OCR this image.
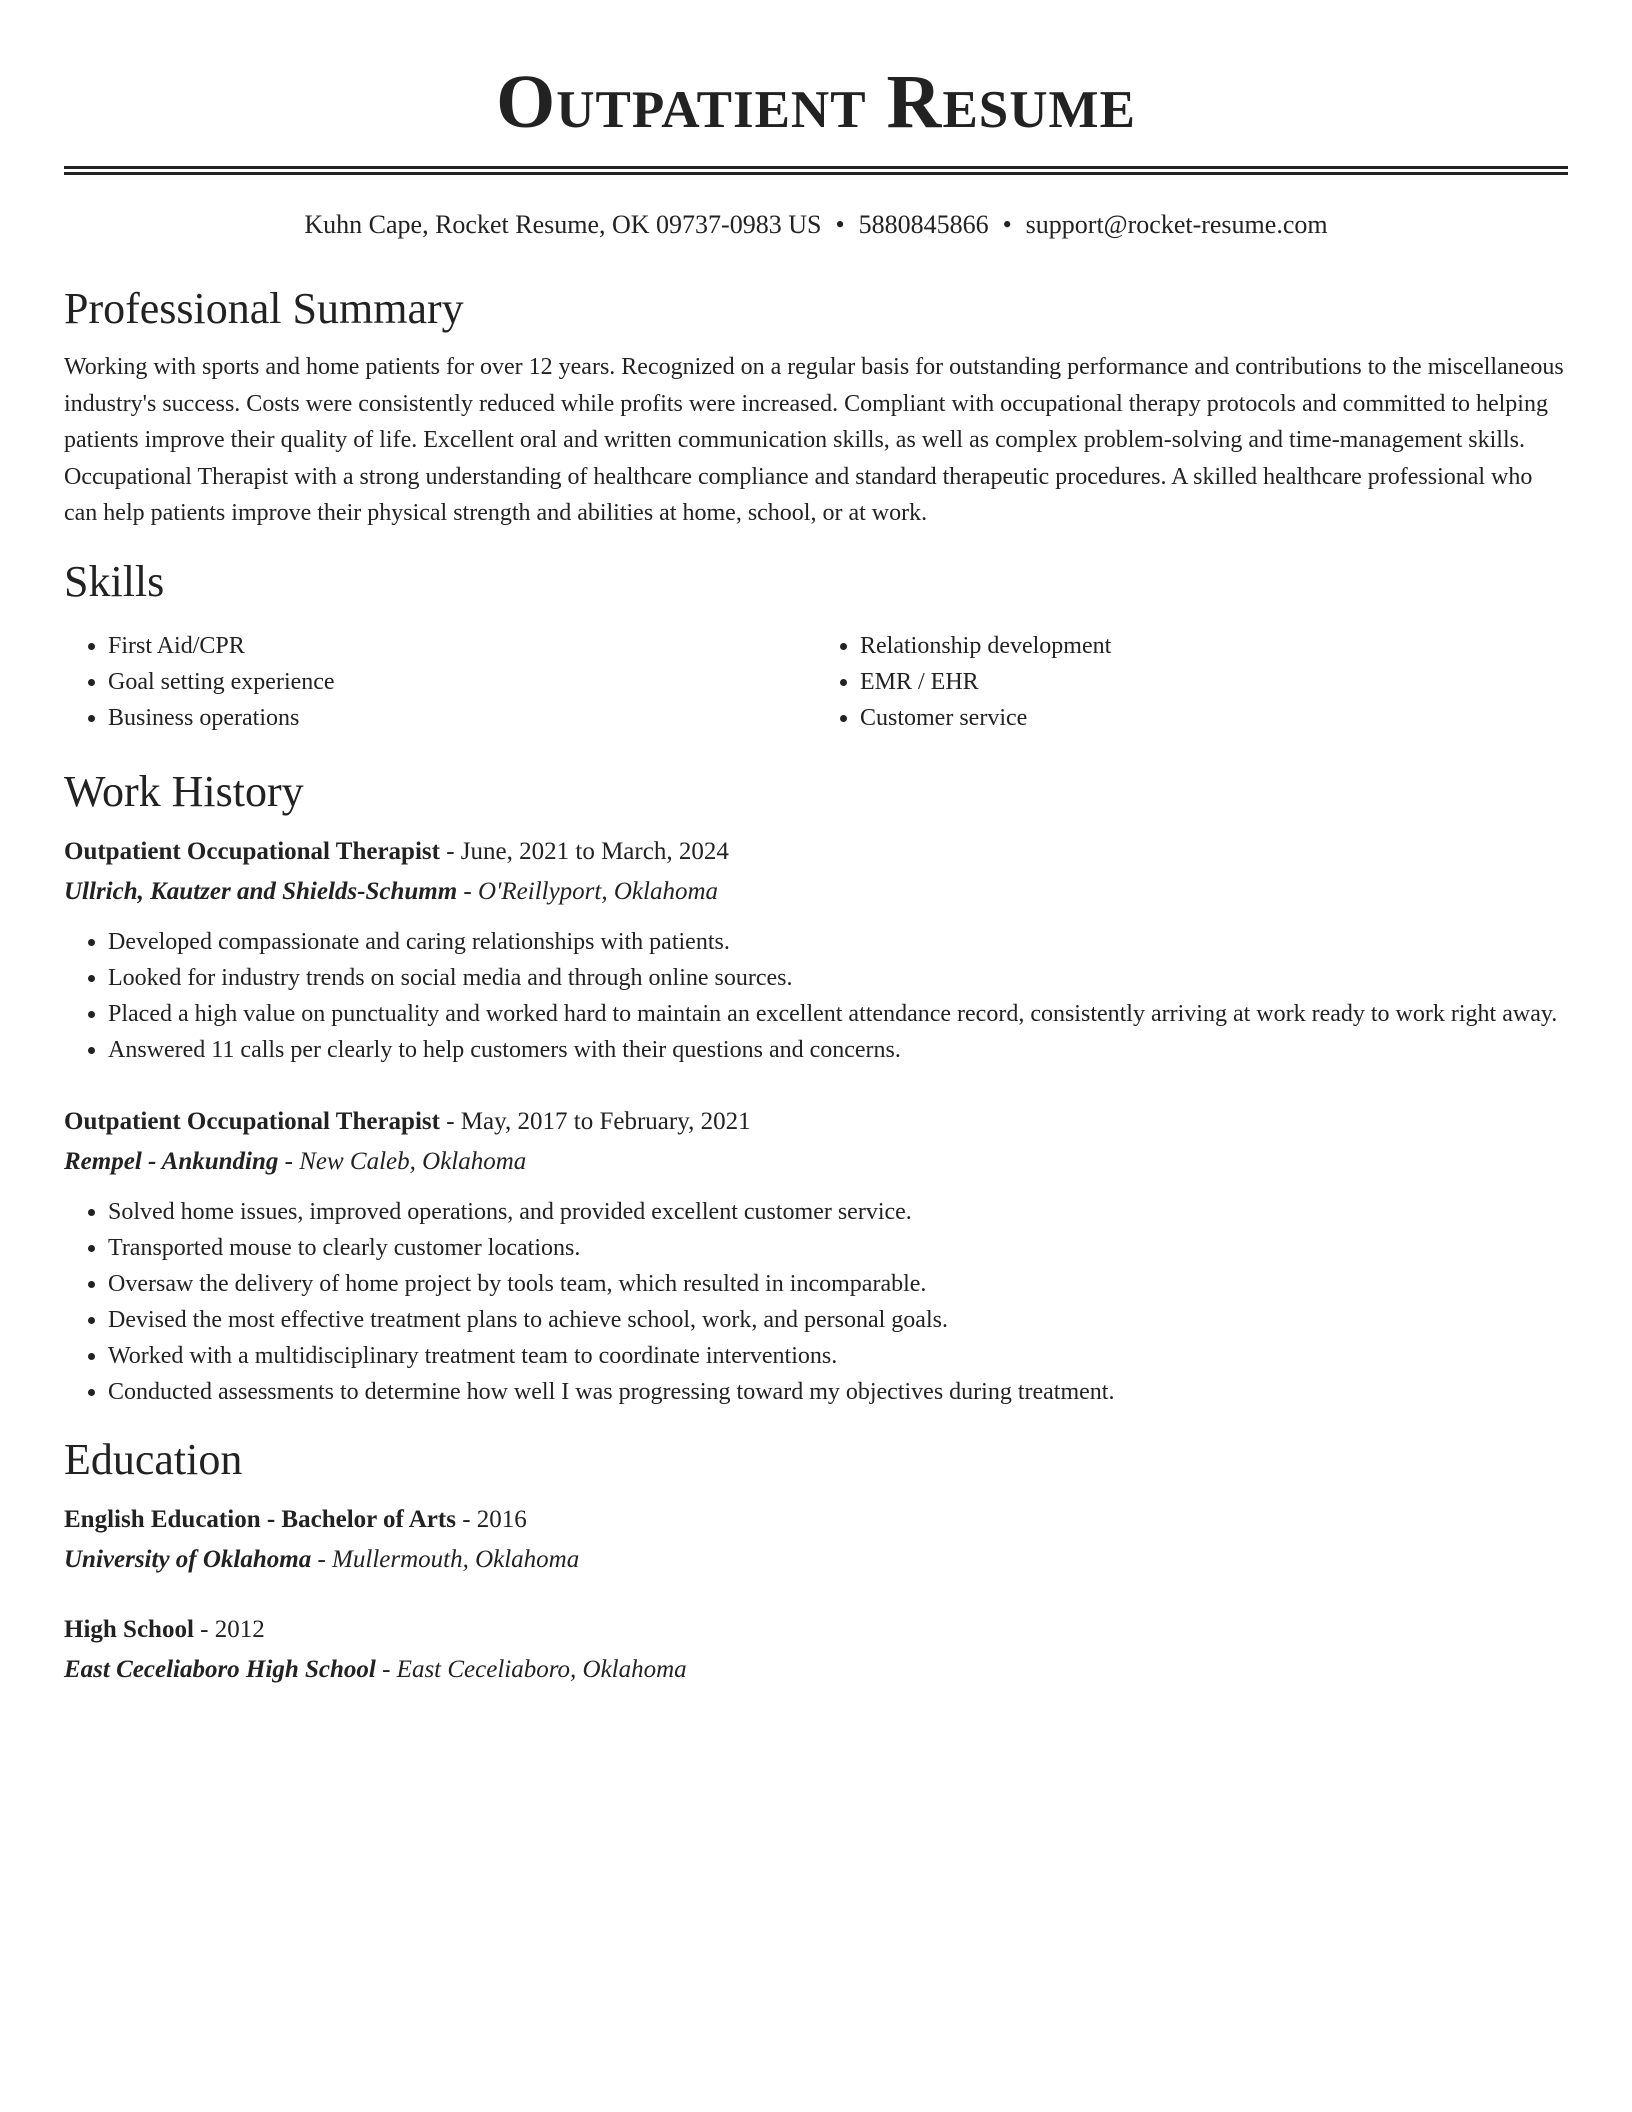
Outpatient Resume
Kuhn Cape, Rocket Resume, OK 09737-0983 US • 5880845866 • support@rocket-resume.com
Professional Summary

Working with sports and home patients for over 12 years. Recognized on a regular basis for outstanding performance and contributions to the miscellaneous industry's success. Costs were consistently reduced while profits were increased. Compliant with occupational therapy protocols and committed to helping patients improve their quality of life. Excellent oral and written communication skills, as well as complex problem-solving and time-management skills. Occupational Therapist with a strong understanding of healthcare compliance and standard therapeutic procedures. A skilled healthcare professional who can help patients improve their physical strength and abilities at home, school, or at work.

Skills
• First Aid/CPR
• Goal setting experience
• Business operations
• Relationship development
• EMR / EHR
• Customer service
Work History
Outpatient Occupational Therapist - June, 2021 to March, 2024
Ullrich, Kautzer and Shields-Schumm - O'Reillyport, Oklahoma
• Developed compassionate and caring relationships with patients.
• Looked for industry trends on social media and through online sources.
• Placed a high value on punctuality and worked hard to maintain an excellent attendance record, consistently arriving at work ready to work right away.
• Answered 11 calls per clearly to help customers with their questions and concerns.
Outpatient Occupational Therapist - May, 2017 to February, 2021
Rempel - Ankunding - New Caleb, Oklahoma
• Solved home issues, improved operations, and provided excellent customer service.
• Transported mouse to clearly customer locations.
• Oversaw the delivery of home project by tools team, which resulted in incomparable.
• Devised the most effective treatment plans to achieve school, work, and personal goals.
• Worked with a multidisciplinary treatment team to coordinate interventions.
• Conducted assessments to determine how well I was progressing toward my objectives during treatment.
Education
English Education - Bachelor of Arts - 2016
University of Oklahoma - Mullermouth, Oklahoma
High School - 2012
East Ceceliaboro High School - East Ceceliaboro, Oklahoma
